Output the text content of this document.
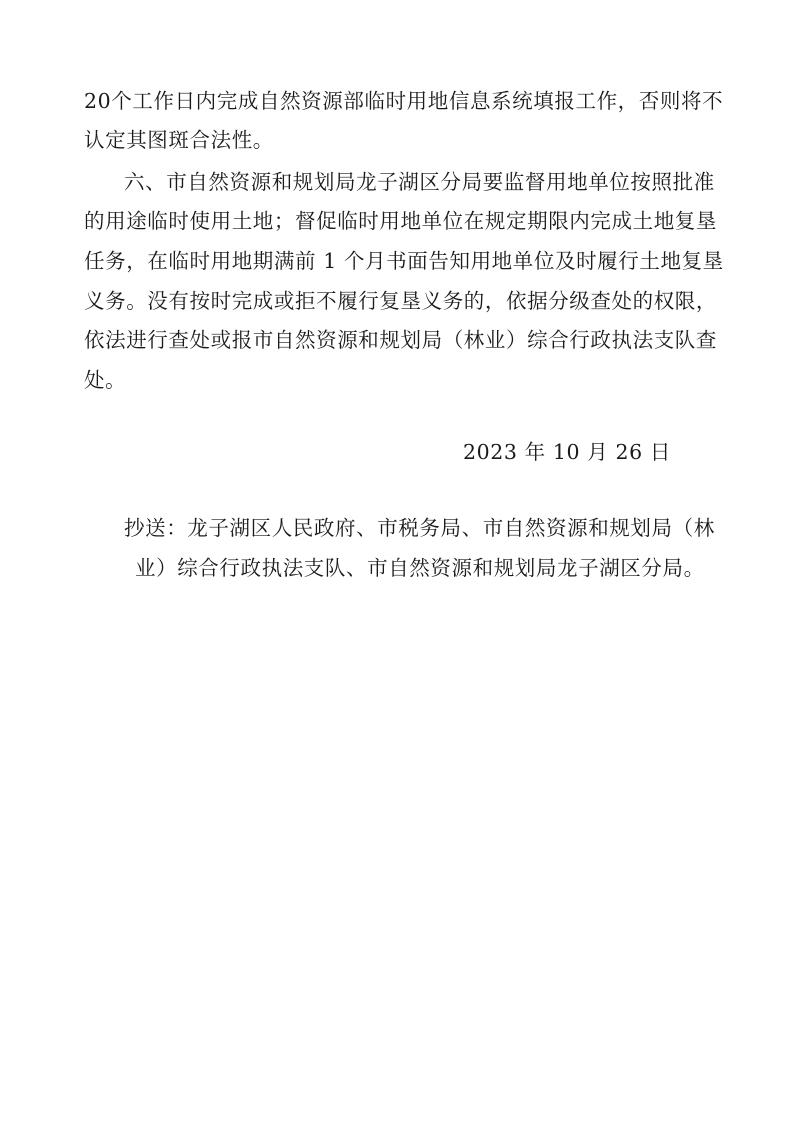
20个工作日内完成自然资源部临时用地信息系统填报工作，否则将不
认定其图斑合法性。
六、市自然资源和规划局龙子湖区分局要监督用地单位按照批准
的用途临时使用土地；督促临时用地单位在规定期限内完成土地复垦
任务，在临时用地期满前 1 个月书面告知用地单位及时履行土地复垦
义务。没有按时完成或拒不履行复垦义务的，依据分级查处的权限，
依法进行查处或报市自然资源和规划局（林业）综合行政执法支队查
处。
2023 年 10 月 26 日
抄送：龙子湖区人民政府、市税务局、市自然资源和规划局（林
业）综合行政执法支队、市自然资源和规划局龙子湖区分局。
